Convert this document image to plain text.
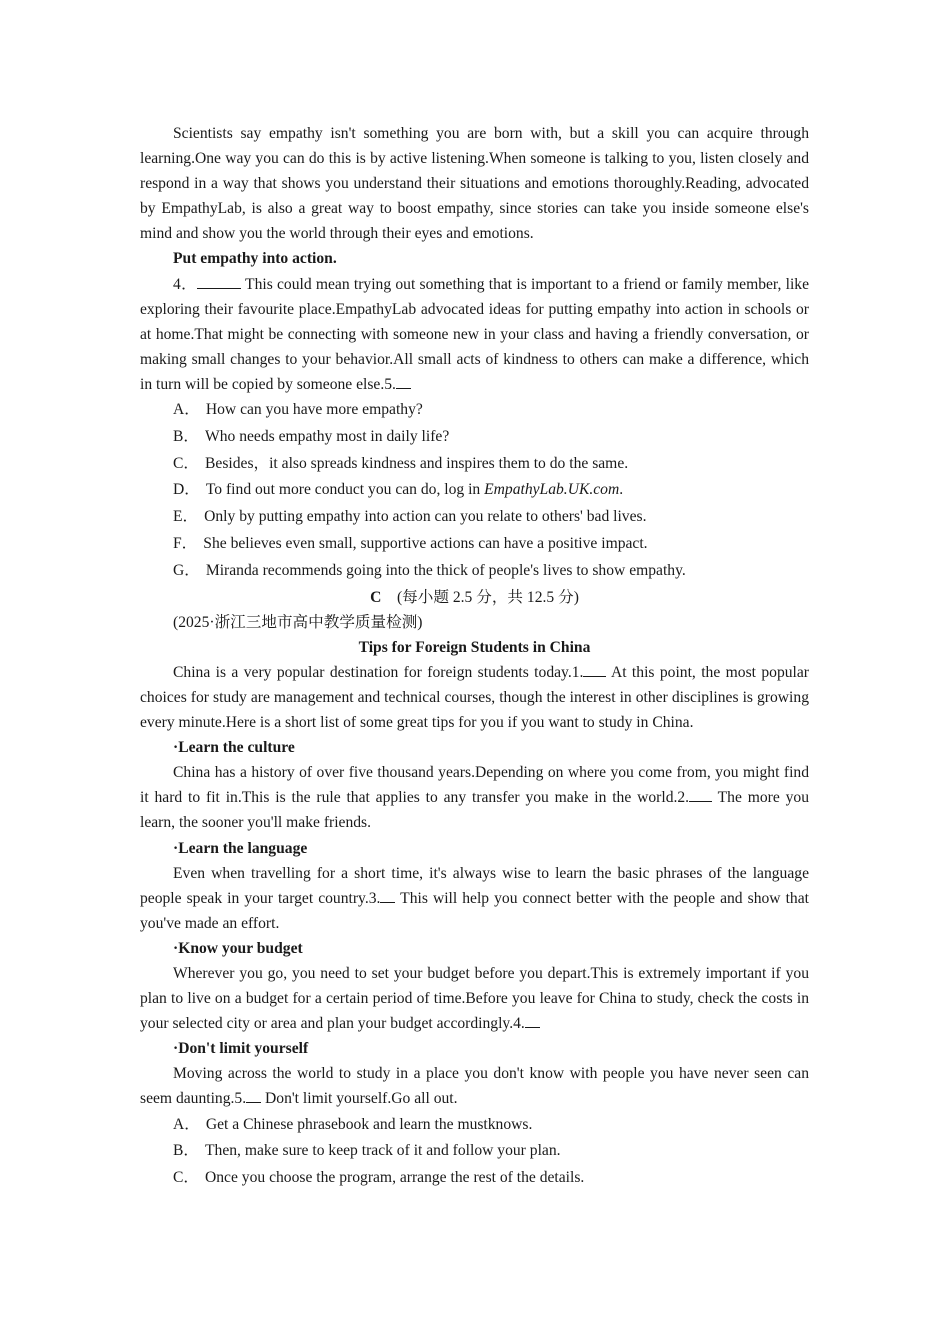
Scientists say empathy isn't something you are born with, but a skill you can acquire through learning.One way you can do this is by active listening.When someone is talking to you, listen closely and respond in a way that shows you understand their situations and emotions thoroughly.Reading, advocated by EmpathyLab, is also a great way to boost empathy, since stories can take you inside someone else's mind and show you the world through their eyes and emotions.

Put empathy into action.

4．	This could mean trying out something that is important to a friend or family member, like exploring their favourite place.EmpathyLab advocated ideas for putting empathy into action in schools or at home.That might be connecting with someone new in your class and having a friendly conversation, or making small changes to your behavior.All small acts of kindness to others can make a difference, which in turn will be copied by someone else.5.

A． How can you have more empathy?

B． Who needs empathy most in daily life?

C． Besides，it also spreads kindness and inspires them to do the same.

D． To find out more conduct you can do, log in EmpathyLab.UK.com.

E． Only by putting empathy into action can you relate to others' bad lives.

F． She believes even small, supportive actions can have a positive impact.

G． Miranda recommends going into the thick of people's lives to show empathy.

C (每小题 2.5 分，共 12.5 分)

(2025·浙江三地市高中教学质量检测)

Tips for Foreign Students in China

China is a very popular destination for foreign students today.1. At this point, the most popular choices for study are management and technical courses, though the interest in other disciplines is growing every minute.Here is a short list of some great tips for you if you want to study in China.

·Learn the culture

China has a history of over five thousand years.Depending on where you come from, you might find it hard to fit in.This is the rule that applies to any transfer you make in the world.2. The more you learn, the sooner you'll make friends.

·Learn the language

Even when travelling for a short time, it's always wise to learn the basic phrases of the language people speak in your target country.3. This will help you connect better with the people and show that you've made an effort.

·Know your budget

Wherever you go, you need to set your budget before you depart.This is extremely important if you plan to live on a budget for a certain period of time.Before you leave for China to study, check the costs in your selected city or area and plan your budget accordingly.4.

·Don't limit yourself

Moving across the world to study in a place you don't know with people you have never seen can seem daunting.5. Don't limit yourself.Go all out.

A． Get a Chinese phrasebook and learn the mustknows.

B． Then, make sure to keep track of it and follow your plan.

C． Once you choose the program, arrange the rest of the details.
